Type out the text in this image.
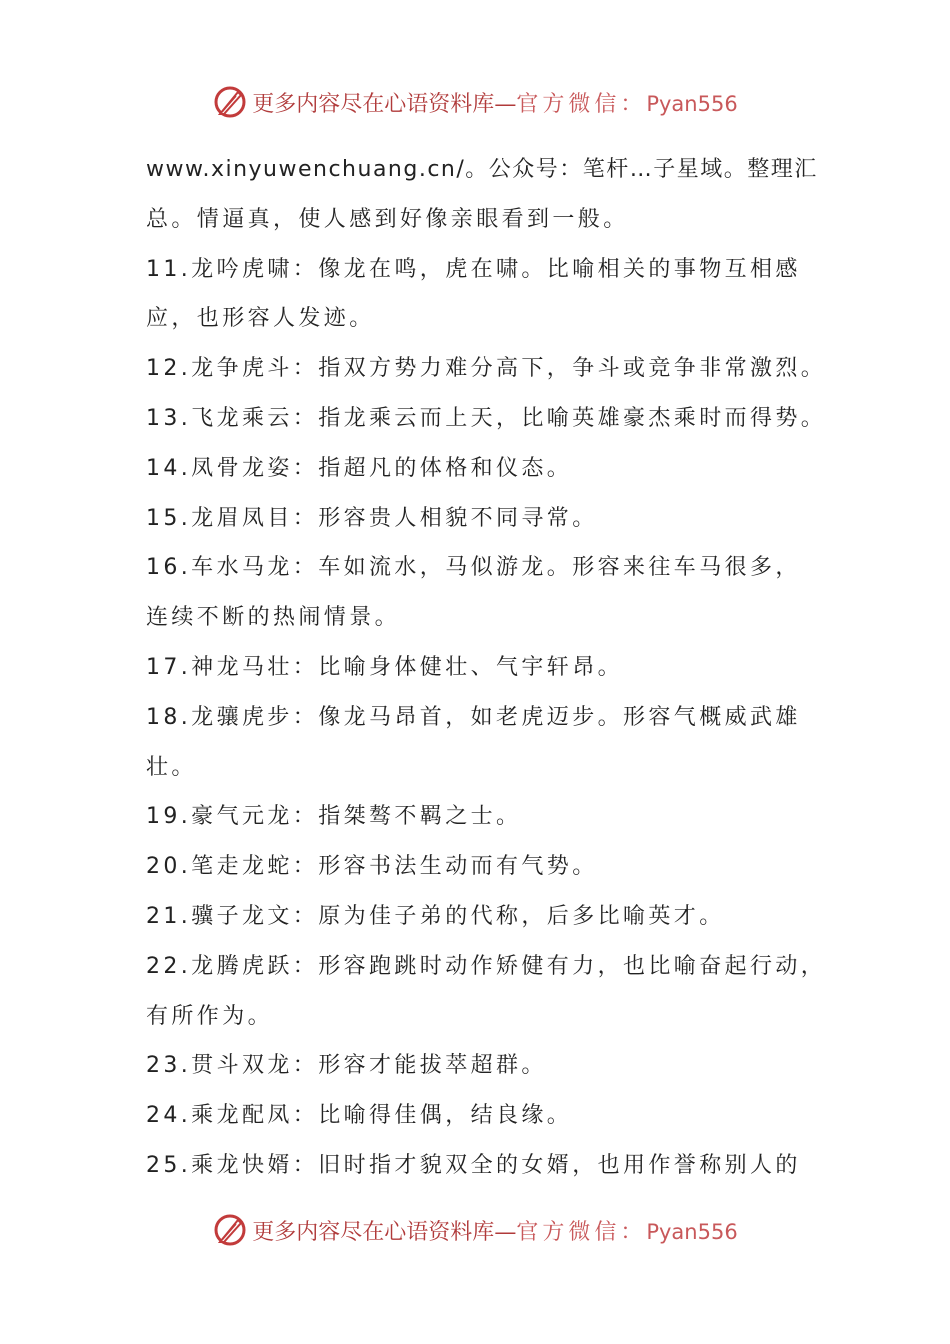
更多内容尽在心语资料库—官方微信：Pyan556
www.xinyuwenchuang.cn/。公众号：笔杆…子星域。整理汇
总。情逼真，使人感到好像亲眼看到一般。
11.龙吟虎啸：像龙在鸣，虎在啸。比喻相关的事物互相感
应，也形容人发迹。
12.龙争虎斗：指双方势力难分高下，争斗或竞争非常激烈。
13.飞龙乘云：指龙乘云而上天，比喻英雄豪杰乘时而得势。
14.凤骨龙姿：指超凡的体格和仪态。
15.龙眉凤目：形容贵人相貌不同寻常。
16.车水马龙：车如流水，马似游龙。形容来往车马很多，
连续不断的热闹情景。
17.神龙马壮：比喻身体健壮、气宇轩昂。
18.龙骧虎步：像龙马昂首，如老虎迈步。形容气概威武雄
壮。
19.豪气元龙：指桀骜不羁之士。
20.笔走龙蛇：形容书法生动而有气势。
21.骥子龙文：原为佳子弟的代称，后多比喻英才。
22.龙腾虎跃：形容跑跳时动作矫健有力，也比喻奋起行动，
有所作为。
23.贯斗双龙：形容才能拔萃超群。
24.乘龙配凤：比喻得佳偶，结良缘。
25.乘龙快婿：旧时指才貌双全的女婿，也用作誉称别人的
更多内容尽在心语资料库—官方微信：Pyan556
